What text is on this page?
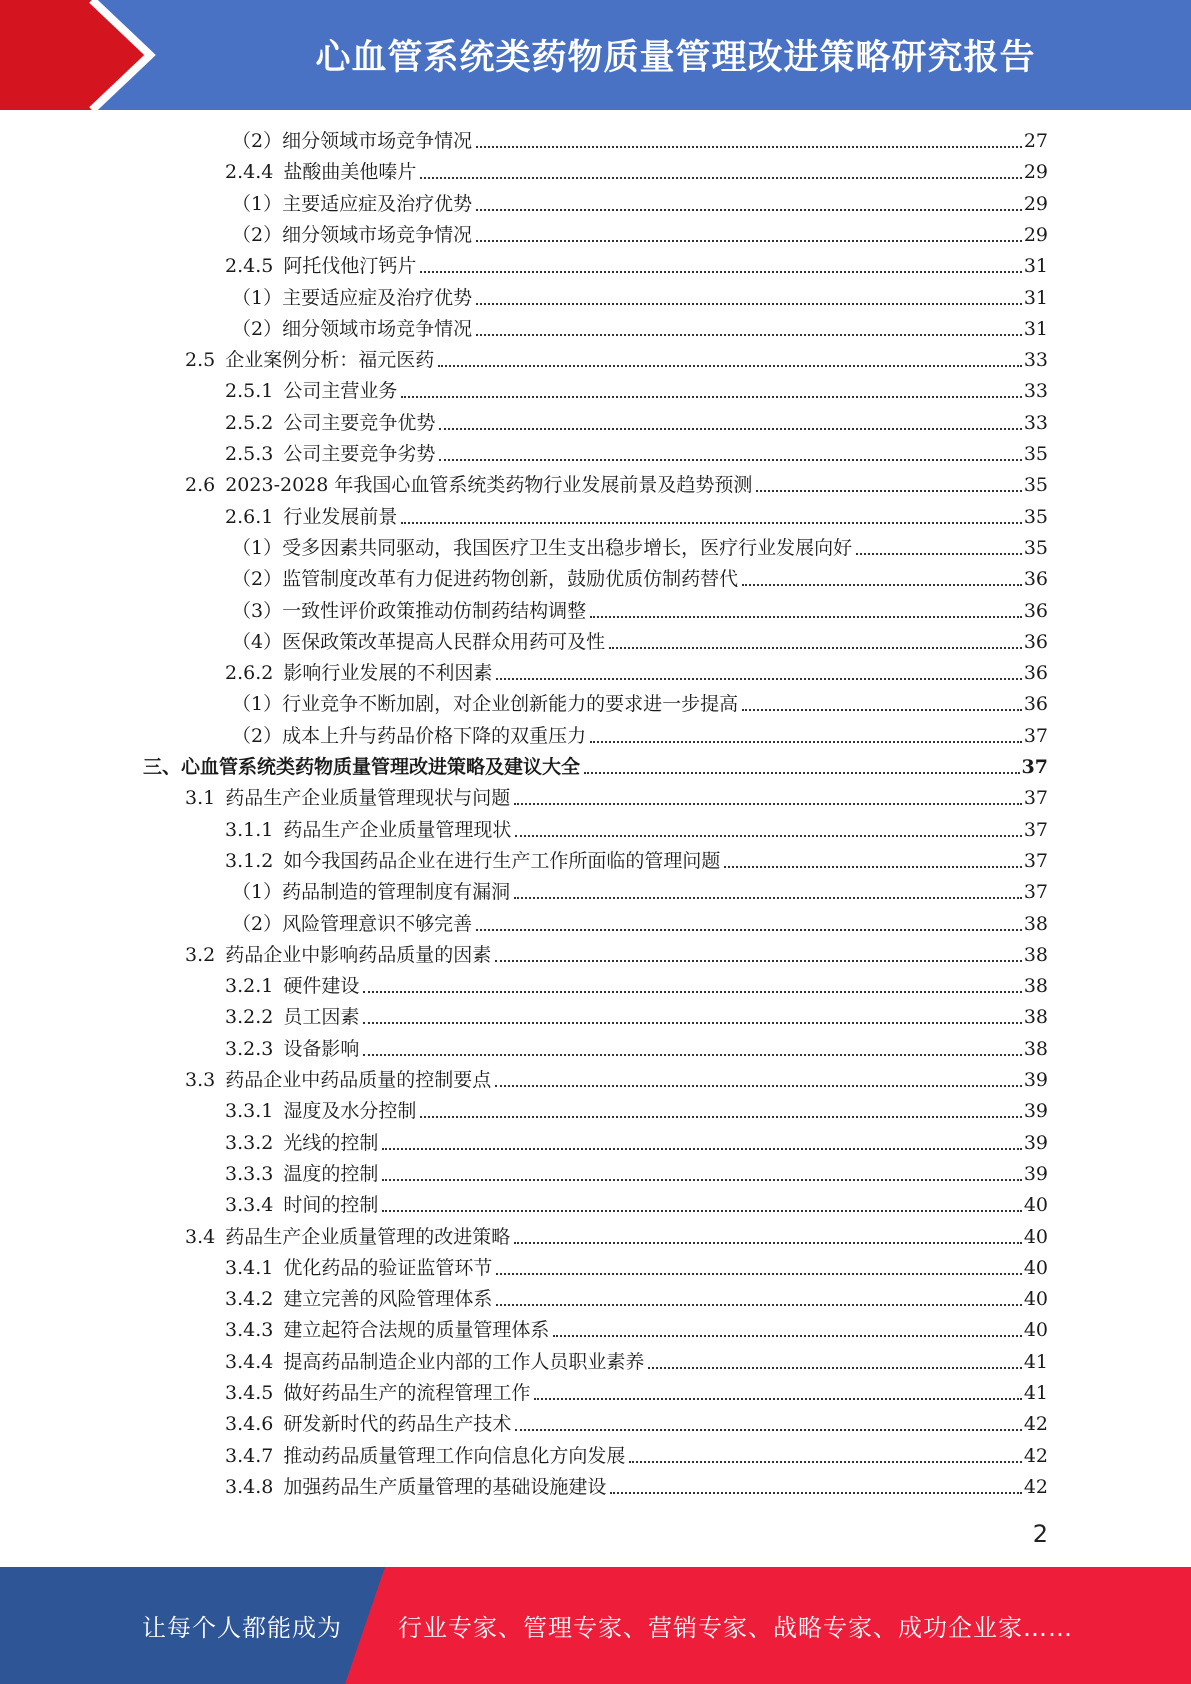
心血管系统类药物质量管理改进策略研究报告
（2）细分领域市场竞争情况	27
2.4.4 盐酸曲美他嗪片	29
（1）主要适应症及治疗优势	29
（2）细分领域市场竞争情况	29
2.4.5 阿托伐他汀钙片	31
（1）主要适应症及治疗优势	31
（2）细分领域市场竞争情况	31
2.5 企业案例分析：福元医药	33
2.5.1 公司主营业务	33
2.5.2 公司主要竞争优势	33
2.5.3 公司主要竞争劣势	35
2.6 2023-2028 年我国心血管系统类药物行业发展前景及趋势预测	35
2.6.1 行业发展前景	35
（1）受多因素共同驱动，我国医疗卫生支出稳步增长，医疗行业发展向好	35
（2）监管制度改革有力促进药物创新，鼓励优质仿制药替代	36
（3）一致性评价政策推动仿制药结构调整	36
（4）医保政策改革提高人民群众用药可及性	36
2.6.2 影响行业发展的不利因素	36
（1）行业竞争不断加剧，对企业创新能力的要求进一步提高	36
（2）成本上升与药品价格下降的双重压力	37
三、心血管系统类药物质量管理改进策略及建议大全	37
3.1 药品生产企业质量管理现状与问题	37
3.1.1 药品生产企业质量管理现状	37
3.1.2 如今我国药品企业在进行生产工作所面临的管理问题	37
（1）药品制造的管理制度有漏洞	37
（2）风险管理意识不够完善	38
3.2 药品企业中影响药品质量的因素	38
3.2.1 硬件建设	38
3.2.2 员工因素	38
3.2.3 设备影响	38
3.3 药品企业中药品质量的控制要点	39
3.3.1 湿度及水分控制	39
3.3.2 光线的控制	39
3.3.3 温度的控制	39
3.3.4 时间的控制	40
3.4 药品生产企业质量管理的改进策略	40
3.4.1 优化药品的验证监管环节	40
3.4.2 建立完善的风险管理体系	40
3.4.3 建立起符合法规的质量管理体系	40
3.4.4 提高药品制造企业内部的工作人员职业素养	41
3.4.5 做好药品生产的流程管理工作	41
3.4.6 研发新时代的药品生产技术	42
3.4.7 推动药品质量管理工作向信息化方向发展	42
3.4.8 加强药品生产质量管理的基础设施建设	42
2
让每个人都能成为 行业专家、管理专家、营销专家、战略专家、成功企业家……
